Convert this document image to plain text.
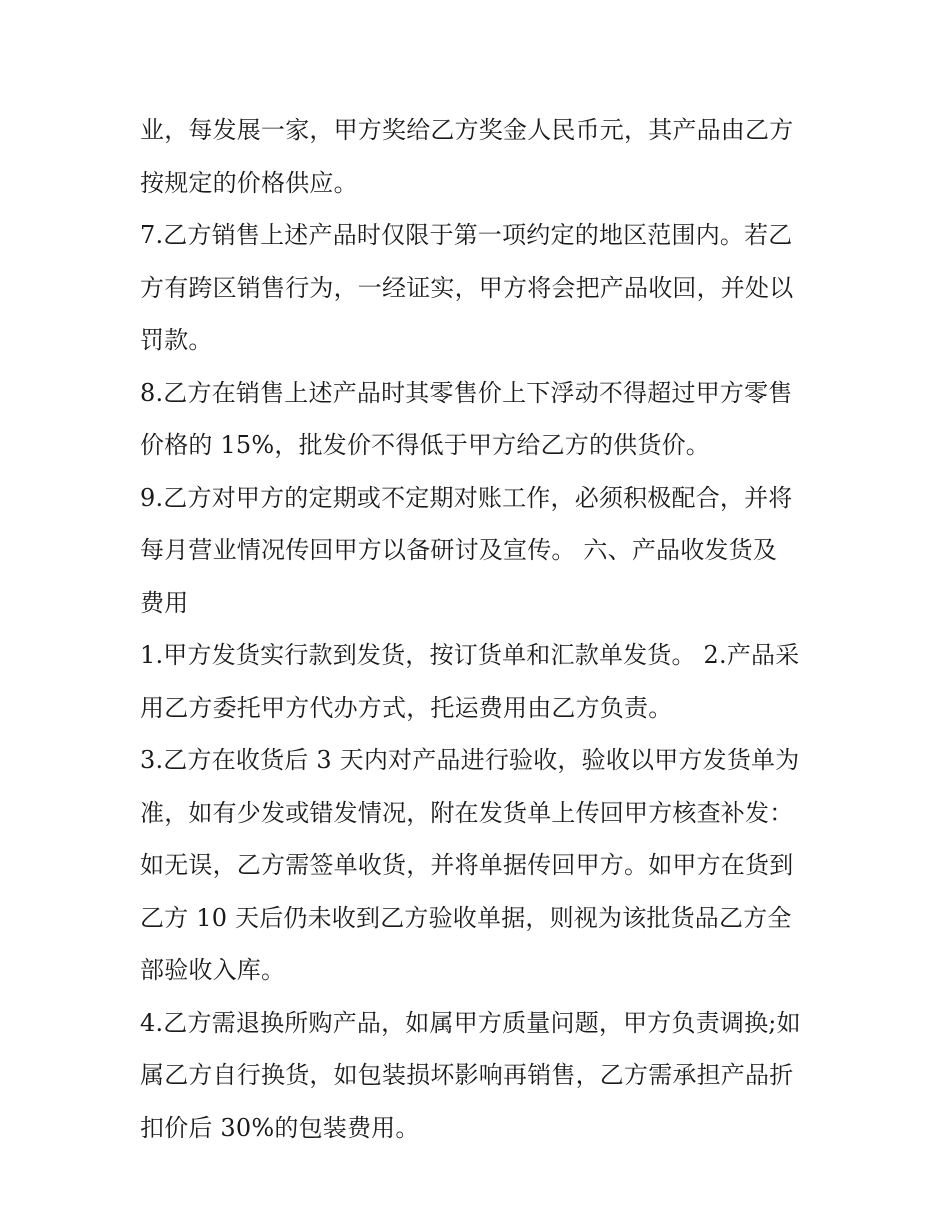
业，每发展一家，甲方奖给乙方奖金人民币元，其产品由乙方
按规定的价格供应。
7.乙方销售上述产品时仅限于第一项约定的地区范围内。若乙
方有跨区销售行为，一经证实，甲方将会把产品收回，并处以
罚款。
8.乙方在销售上述产品时其零售价上下浮动不得超过甲方零售
价格的 15%，批发价不得低于甲方给乙方的供货价。
9.乙方对甲方的定期或不定期对账工作，必须积极配合，并将
每月营业情况传回甲方以备研讨及宣传。 六、产品收发货及
费用
1.甲方发货实行款到发货，按订货单和汇款单发货。 2.产品采
用乙方委托甲方代办方式，托运费用由乙方负责。
3.乙方在收货后 3 天内对产品进行验收，验收以甲方发货单为
准，如有少发或错发情况，附在发货单上传回甲方核查补发：
如无误，乙方需签单收货，并将单据传回甲方。如甲方在货到
乙方 10 天后仍未收到乙方验收单据，则视为该批货品乙方全
部验收入库。
4.乙方需退换所购产品，如属甲方质量问题，甲方负责调换;如
属乙方自行换货，如包装损坏影响再销售，乙方需承担产品折
扣价后 30%的包装费用。
